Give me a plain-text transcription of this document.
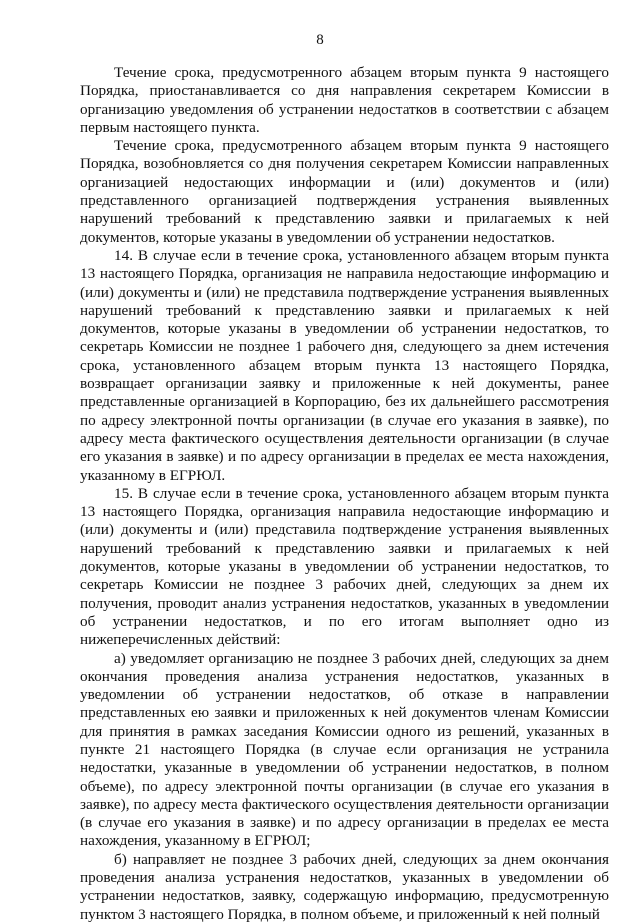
8

Течение срока, предусмотренного абзацем вторым пункта 9 настоящего Порядка, приостанавливается со дня направления секретарем Комиссии в организацию уведомления об устранении недостатков в соответствии с абзацем первым настоящего пункта.

Течение срока, предусмотренного абзацем вторым пункта 9 настоящего Порядка, возобновляется со дня получения секретарем Комиссии направленных организацией недостающих информации и (или) документов и (или) представленного организацией подтверждения устранения выявленных нарушений требований к представлению заявки и прилагаемых к ней документов, которые указаны в уведомлении об устранении недостатков.

14. В случае если в течение срока, установленного абзацем вторым пункта 13 настоящего Порядка, организация не направила недостающие информацию и (или) документы и (или) не представила подтверждение устранения выявленных нарушений требований к представлению заявки и прилагаемых к ней документов, которые указаны в уведомлении об устранении недостатков, то секретарь Комиссии не позднее 1 рабочего дня, следующего за днем истечения срока, установленного абзацем вторым пункта 13 настоящего Порядка, возвращает организации заявку и приложенные к ней документы, ранее представленные организацией в Корпорацию, без их дальнейшего рассмотрения по адресу электронной почты организации (в случае его указания в заявке), по адресу места фактического осуществления деятельности организации (в случае его указания в заявке) и по адресу организации в пределах ее места нахождения, указанному в ЕГРЮЛ.

15. В случае если в течение срока, установленного абзацем вторым пункта 13 настоящего Порядка, организация направила недостающие информацию и (или) документы и (или) представила подтверждение устранения выявленных нарушений требований к представлению заявки и прилагаемых к ней документов, которые указаны в уведомлении об устранении недостатков, то секретарь Комиссии не позднее 3 рабочих дней, следующих за днем их получения, проводит анализ устранения недостатков, указанных в уведомлении об устранении недостатков, и по его итогам выполняет одно из нижеперечисленных действий:

а) уведомляет организацию не позднее 3 рабочих дней, следующих за днем окончания проведения анализа устранения недостатков, указанных в уведомлении об устранении недостатков, об отказе в направлении представленных ею заявки и приложенных к ней документов членам Комиссии для принятия в рамках заседания Комиссии одного из решений, указанных в пункте 21 настоящего Порядка (в случае если организация не устранила недостатки, указанные в уведомлении об устранении недостатков, в полном объеме), по адресу электронной почты организации (в случае его указания в заявке), по адресу места фактического осуществления деятельности организации (в случае его указания в заявке) и по адресу организации в пределах ее места нахождения, указанному в ЕГРЮЛ;

б) направляет не позднее 3 рабочих дней, следующих за днем окончания проведения анализа устранения недостатков, указанных в уведомлении об устранении недостатков, заявку, содержащую информацию, предусмотренную пунктом 3 настоящего Порядка, в полном объеме, и приложенный к ней полный
